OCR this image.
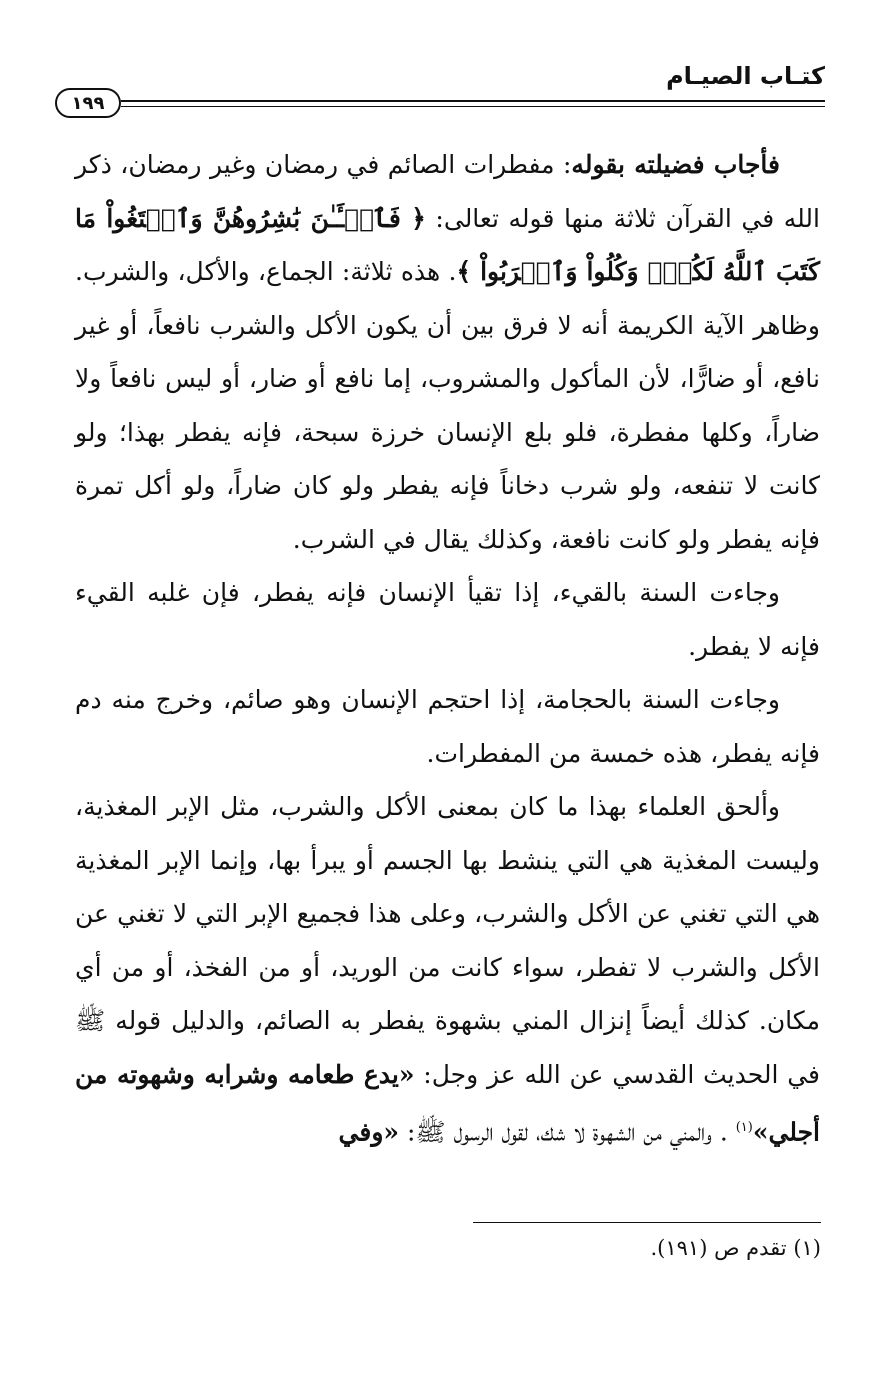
كتـاب الصيـام
١٩٩

فأجاب فضيلته بقوله: مفطرات الصائم في رمضان وغير رمضان، ذكر الله في القرآن ثلاثة منها قوله تعالى: ﴿ فَٱلۡـَٔـٰنَ بَٰشِرُوهُنَّ وَٱبۡتَغُواْ مَا كَتَبَ ٱللَّهُ لَكُمۡۚ وَكُلُواْ وَٱشۡرَبُواْ ﴾. هذه ثلاثة: الجماع، والأكل، والشرب. وظاهر الآية الكريمة أنه لا فرق بين أن يكون الأكل والشرب نافعاً، أو غير نافع، أو ضارًّا، لأن المأكول والمشروب، إما نافع أو ضار، أو ليس نافعاً ولا ضاراً، وكلها مفطرة، فلو بلع الإنسان خرزة سبحة، فإنه يفطر بهذا؛ ولو كانت لا تنفعه، ولو شرب دخاناً فإنه يفطر ولو كان ضاراً، ولو أكل تمرة فإنه يفطر ولو كانت نافعة، وكذلك يقال في الشرب.

وجاءت السنة بالقيء، إذا تقيأ الإنسان فإنه يفطر، فإن غلبه القيء فإنه لا يفطر.

وجاءت السنة بالحجامة، إذا احتجم الإنسان وهو صائم، وخرج منه دم فإنه يفطر، هذه خمسة من المفطرات.

وألحق العلماء بهذا ما كان بمعنى الأكل والشرب، مثل الإبر المغذية، وليست المغذية هي التي ينشط بها الجسم أو يبرأ بها، وإنما الإبر المغذية هي التي تغني عن الأكل والشرب، وعلى هذا فجميع الإبر التي لا تغني عن الأكل والشرب لا تفطر، سواء كانت من الوريد، أو من الفخذ، أو من أي مكان. كذلك أيضاً إنزال المني بشهوة يفطر به الصائم، والدليل قوله ﷺ في الحديث القدسي عن الله عز وجل: «يدع طعامه وشرابه وشهوته من أجلي»$^{(١)}$ . والمني من الشهوة لا شك، لقول الرسول ﷺ: «وفي

(١) تقدم ص (١٩١).
